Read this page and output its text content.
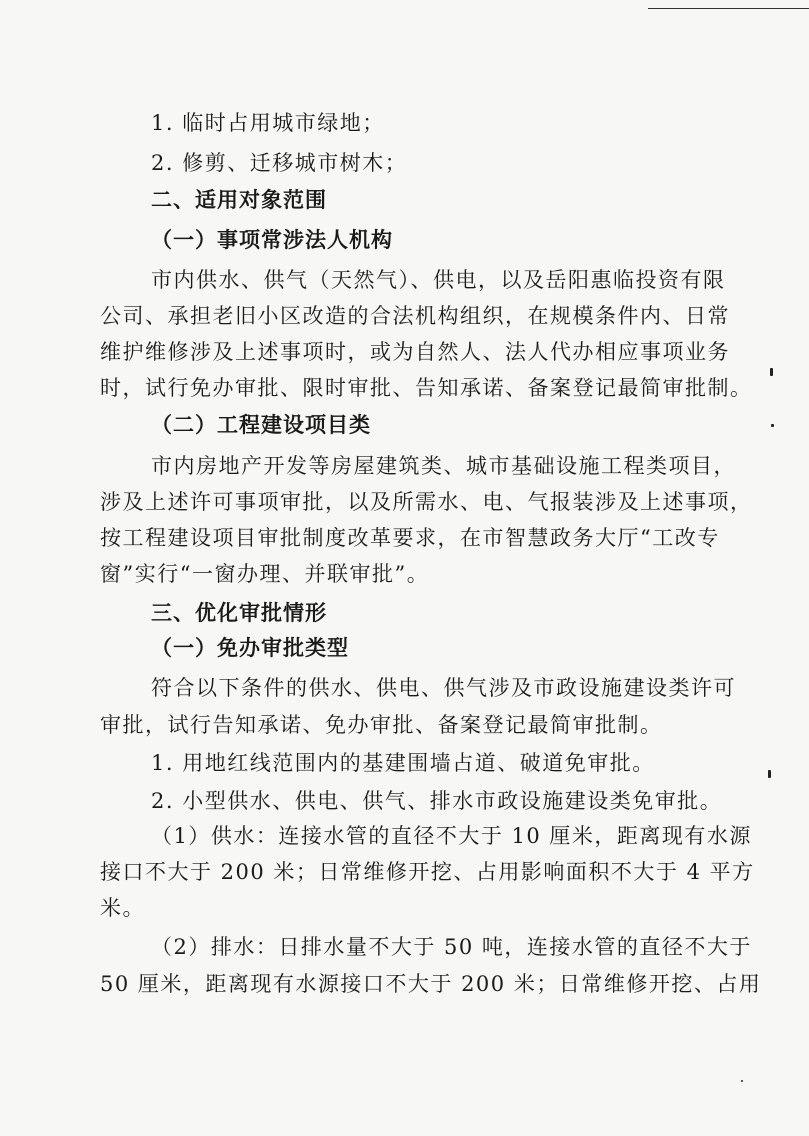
1. 临时占用城市绿地；
2. 修剪、迁移城市树木；
二、适用对象范围
（一）事项常涉法人机构
市内供水、供气（天然气）、供电，以及岳阳惠临投资有限
公司、承担老旧小区改造的合法机构组织，在规模条件内、日常
维护维修涉及上述事项时，或为自然人、法人代办相应事项业务
时，试行免办审批、限时审批、告知承诺、备案登记最简审批制。
（二）工程建设项目类
市内房地产开发等房屋建筑类、城市基础设施工程类项目，
涉及上述许可事项审批，以及所需水、电、气报装涉及上述事项，
按工程建设项目审批制度改革要求，在市智慧政务大厅“工改专
窗”实行“一窗办理、并联审批”。
三、优化审批情形
（一）免办审批类型
符合以下条件的供水、供电、供气涉及市政设施建设类许可
审批，试行告知承诺、免办审批、备案登记最简审批制。
1. 用地红线范围内的基建围墙占道、破道免审批。
2. 小型供水、供电、供气、排水市政设施建设类免审批。
（1）供水：连接水管的直径不大于 10 厘米，距离现有水源
接口不大于 200 米；日常维修开挖、占用影响面积不大于 4 平方
米。
（2）排水：日排水量不大于 50 吨，连接水管的直径不大于
50 厘米，距离现有水源接口不大于 200 米；日常维修开挖、占用
